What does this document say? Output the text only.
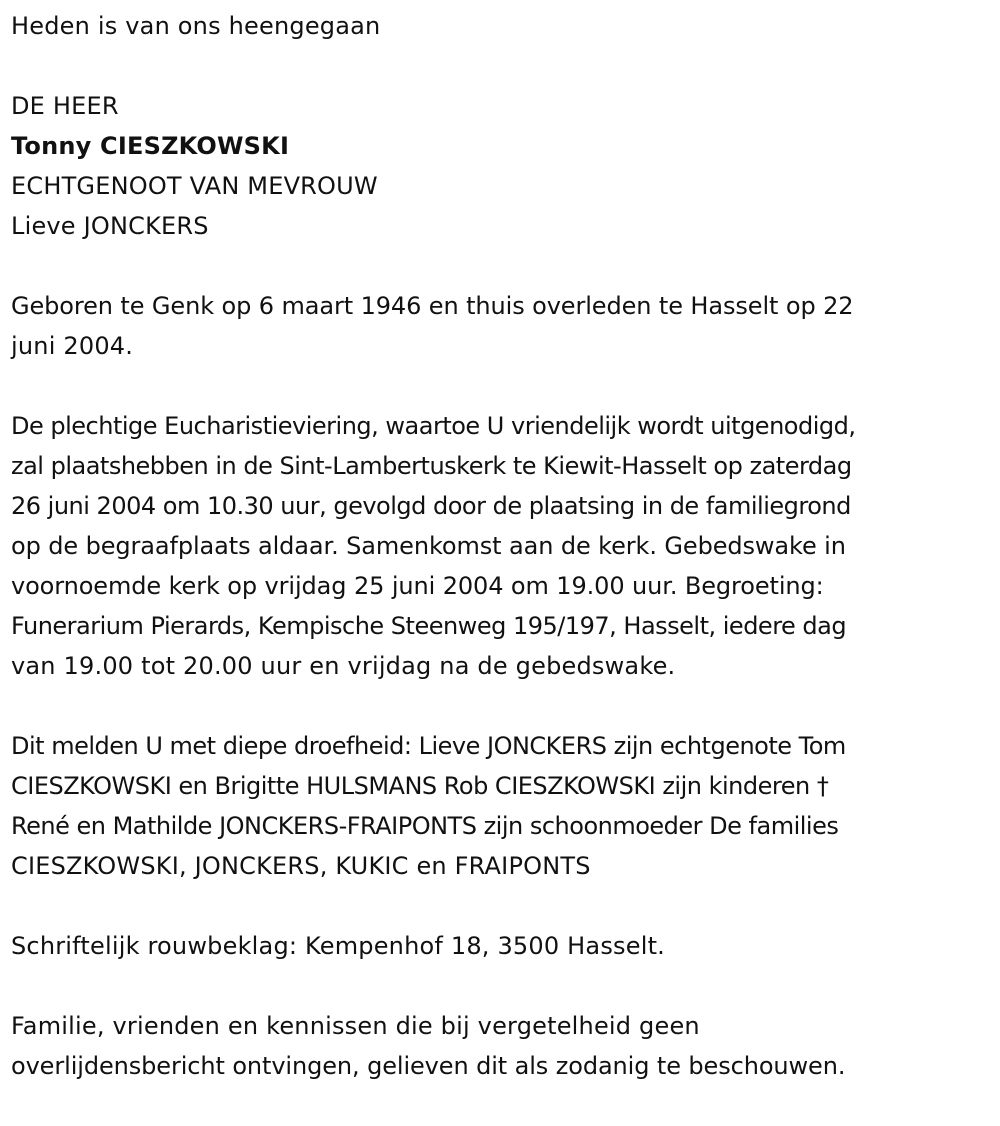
Heden is van ons heengegaan
DE HEER
Tonny CIESZKOWSKI
ECHTGENOOT VAN MEVROUW
Lieve JONCKERS
Geboren te Genk op 6 maart 1946 en thuis overleden te Hasselt op 22
juni 2004.
De plechtige Eucharistieviering, waartoe U vriendelijk wordt uitgenodigd,
zal plaatshebben in de Sint-Lambertuskerk te Kiewit-Hasselt op zaterdag
26 juni 2004 om 10.30 uur, gevolgd door de plaatsing in de familiegrond
op de begraafplaats aldaar. Samenkomst aan de kerk. Gebedswake in
voornoemde kerk op vrijdag 25 juni 2004 om 19.00 uur. Begroeting:
Funerarium Pierards, Kempische Steenweg 195/197, Hasselt, iedere dag
van 19.00 tot 20.00 uur en vrijdag na de gebedswake.
Dit melden U met diepe droefheid: Lieve JONCKERS zijn echtgenote Tom
CIESZKOWSKI en Brigitte HULSMANS Rob CIESZKOWSKI zijn kinderen †
René en Mathilde JONCKERS-FRAIPONTS zijn schoonmoeder De families
CIESZKOWSKI, JONCKERS, KUKIC en FRAIPONTS
Schriftelijk rouwbeklag: Kempenhof 18, 3500 Hasselt.
Familie, vrienden en kennissen die bij vergetelheid geen
overlijdensbericht ontvingen, gelieven dit als zodanig te beschouwen.
